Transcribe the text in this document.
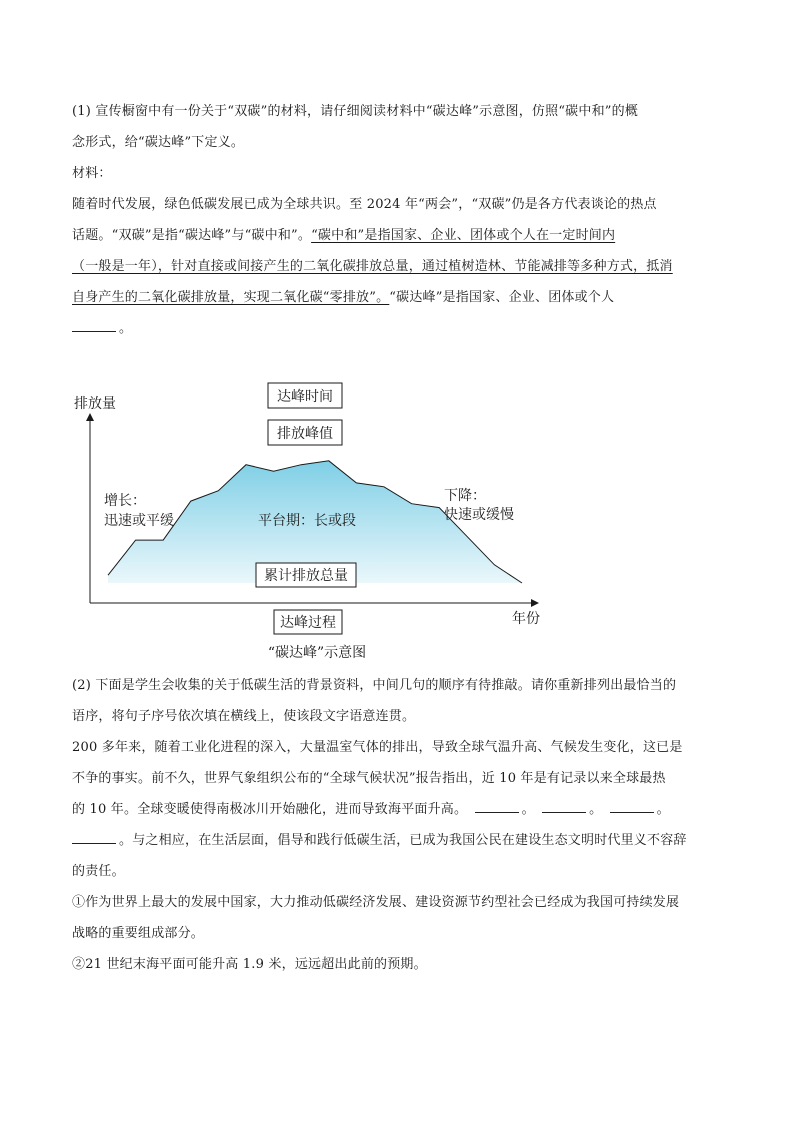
(1) 宣传橱窗中有一份关于“双碳”的材料，请仔细阅读材料中“碳达峰”示意图，仿照“碳中和”的概
念形式，给“碳达峰”下定义。

材料：
随着时代发展，绿色低碳发展已成为全球共识。至 2024 年“两会”，“双碳”仍是各方代表谈论的热点
话题。“双碳”是指“碳达峰”与“碳中和”。“碳中和”是指国家、企业、团体或个人在一定时间内
（一般是一年），针对直接或间接产生的二氧化碳排放总量，通过植树造林、节能减排等多种方式，抵消
自身产生的二氧化碳排放量，实现二氧化碳“零排放”。“碳达峰”是指国家、企业、团体或个人
。

排放量
年份
达峰时间
排放峰值
累计排放总量
达峰过程
增长：
迅速或平缓	平台期：长或段
下降：
快速或缓慢
“碳达峰”示意图

(2) 下面是学生会收集的关于低碳生活的背景资料，中间几句的顺序有待推敲。请你重新排列出最恰当的
语序，将句子序号依次填在横线上，使该段文字语意连贯。

200 多年来，随着工业化进程的深入，大量温室气体的排出，导致全球气温升高、气候发生变化，这已是
不争的事实。前不久，世界气象组织公布的“全球气候状况”报告指出，近 10 年是有记录以来全球最热
的 10 年。全球变暖使得南极冰川开始融化，进而导致海平面升高。	。	。	。
。与之相应，在生活层面，倡导和践行低碳生活，已成为我国公民在建设生态文明时代里义不容辞
的责任。
①作为世界上最大的发展中国家，大力推动低碳经济发展、建设资源节约型社会已经成为我国可持续发展
战略的重要组成部分。
②21 世纪末海平面可能升高 1.9 米，远远超出此前的预期。
